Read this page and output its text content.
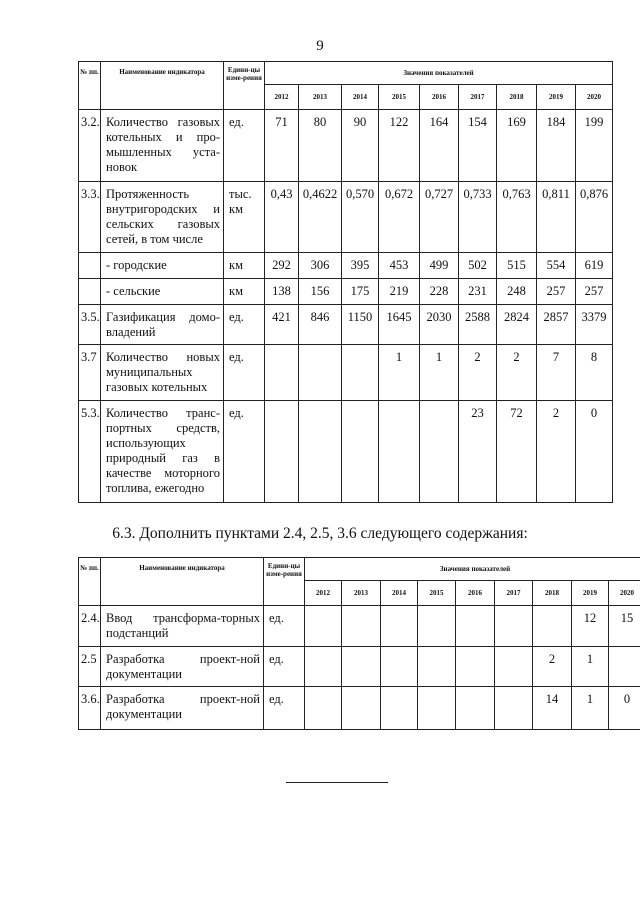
9
№ пп.	Наименование индикатора	Едини-цы изме-рения	Значения показателей								
			2012	2013	2014	2015	2016	2017	2018	2019	2020
3.2.	Количество газовых котельных и про-мышленных уста-новок	ед.	71	80	90	122	164	154	169	184	199
3.3.	Протяженность внутригородских и сельских газовых сетей, в том числе	тыс. км	0,43	0,4622	0,570	0,672	0,727	0,733	0,763	0,811	0,876
	- городские	км	292	306	395	453	499	502	515	554	619
	- сельские	км	138	156	175	219	228	231	248	257	257
3.5.	Газификация домо-владений	ед.	421	846	1150	1645	2030	2588	2824	2857	3379
3.7	Количество новых муниципальных газовых котельных	ед.				1	1	2	2	7	8
5.3.	Количество транс-портных средств, использующих природный газ в качестве моторного топлива, ежегодно	ед.						23	72	2	0
6.3. Дополнить пунктами 2.4, 2.5, 3.6 следующего содержания:
№ пп.	Наименование индикатора	Едини-цы изме-рения	Значения показателей								
			2012	2013	2014	2015	2016	2017	2018	2019	2020
2.4.	Ввод трансформа-торных подстанций	ед.								12	15
2.5	Разработка проект-ной документации	ед.							2	1	
3.6.	Разработка проект-ной документации	ед.							14	1	0
